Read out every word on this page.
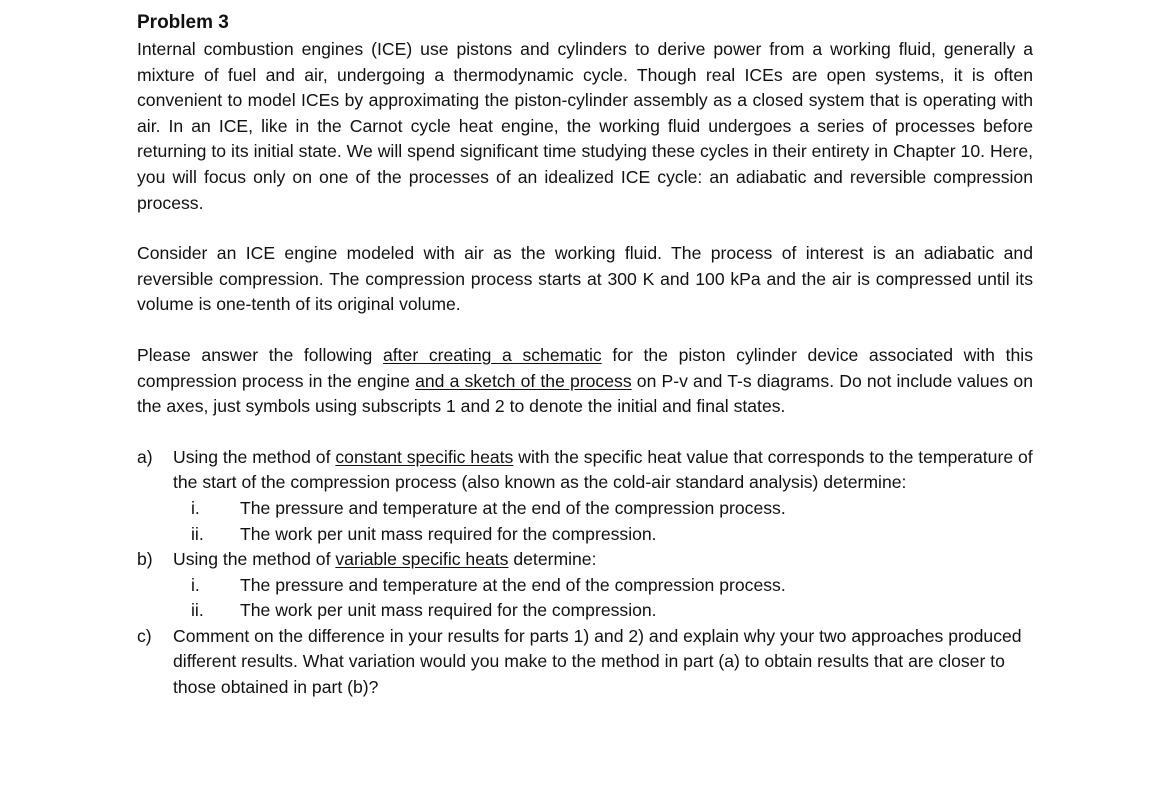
Problem 3

Internal combustion engines (ICE) use pistons and cylinders to derive power from a working fluid, generally a mixture of fuel and air, undergoing a thermodynamic cycle. Though real ICEs are open systems, it is often convenient to model ICEs by approximating the piston-cylinder assembly as a closed system that is operating with air. In an ICE, like in the Carnot cycle heat engine, the working fluid undergoes a series of processes before returning to its initial state. We will spend significant time studying these cycles in their entirety in Chapter 10. Here, you will focus only on one of the processes of an idealized ICE cycle: an adiabatic and reversible compression process.

Consider an ICE engine modeled with air as the working fluid. The process of interest is an adiabatic and reversible compression. The compression process starts at 300 K and 100 kPa and the air is compressed until its volume is one-tenth of its original volume.

Please answer the following after creating a schematic for the piston cylinder device associated with this compression process in the engine and a sketch of the process on P-v and T-s diagrams. Do not include values on the axes, just symbols using subscripts 1 and 2 to denote the initial and final states.

a) Using the method of constant specific heats with the specific heat value that corresponds to the temperature of the start of the compression process (also known as the cold-air standard analysis) determine:
i. The pressure and temperature at the end of the compression process.
ii. The work per unit mass required for the compression.
b) Using the method of variable specific heats determine:
i. The pressure and temperature at the end of the compression process.
ii. The work per unit mass required for the compression.
c) Comment on the difference in your results for parts 1) and 2) and explain why your two approaches produced different results. What variation would you make to the method in part (a) to obtain results that are closer to those obtained in part (b)?
